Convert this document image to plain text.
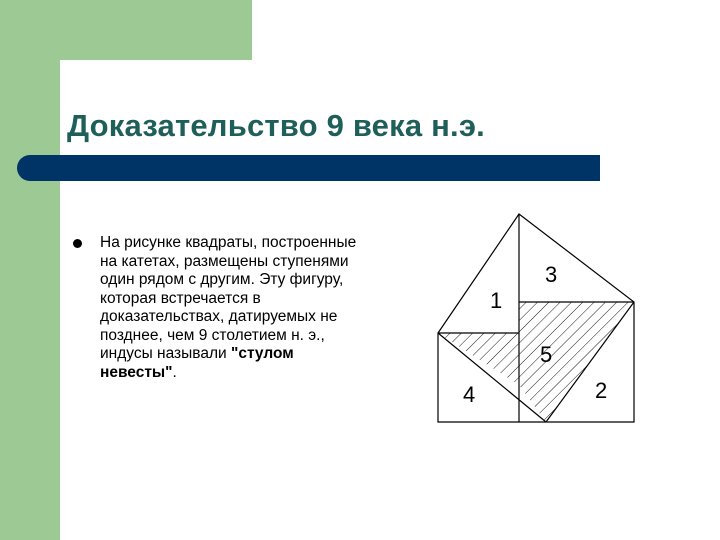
Доказательство 9 века н.э.

На рисунке квадраты, построенные на катетах, размещены ступенями один рядом с другим. Эту фигуру, которая встречается в доказательствах, датируемых не позднее, чем 9 столетием н. э., индусы называли "стулом невесты".

1
3
5
4	2
